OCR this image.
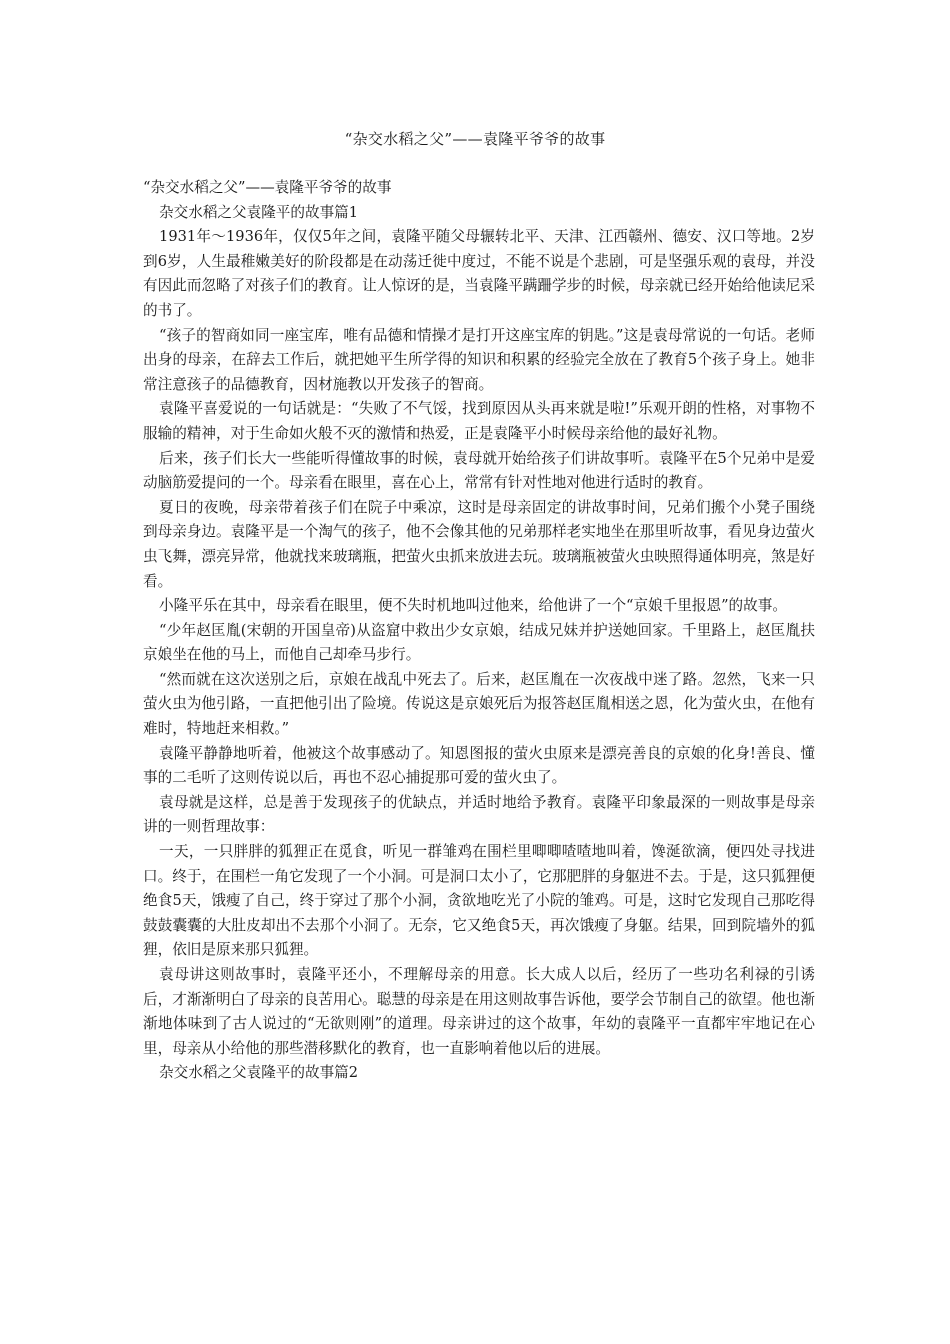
“杂交水稻之父”——袁隆平爷爷的故事

“杂交水稻之父”——袁隆平爷爷的故事

杂交水稻之父袁隆平的故事篇1

1931年～1936年，仅仅5年之间，袁隆平随父母辗转北平、天津、江西赣州、德安、汉口等地。2岁到6岁，人生最稚嫩美好的阶段都是在动荡迁徙中度过，不能不说是个悲剧，可是坚强乐观的袁母，并没有因此而忽略了对孩子们的教育。让人惊讶的是，当袁隆平蹒跚学步的时候，母亲就已经开始给他读尼采的书了。

“孩子的智商如同一座宝库，唯有品德和情操才是打开这座宝库的钥匙。”这是袁母常说的一句话。老师出身的母亲，在辞去工作后，就把她平生所学得的知识和积累的经验完全放在了教育5个孩子身上。她非常注意孩子的品德教育，因材施教以开发孩子的智商。

袁隆平喜爱说的一句话就是：“失败了不气馁，找到原因从头再来就是啦!”乐观开朗的性格，对事物不服输的精神，对于生命如火般不灭的激情和热爱，正是袁隆平小时候母亲给他的最好礼物。

后来，孩子们长大一些能听得懂故事的时候，袁母就开始给孩子们讲故事听。袁隆平在5个兄弟中是爱动脑筋爱提问的一个。母亲看在眼里，喜在心上，常常有针对性地对他进行适时的教育。

夏日的夜晚，母亲带着孩子们在院子中乘凉，这时是母亲固定的讲故事时间，兄弟们搬个小凳子围绕到母亲身边。袁隆平是一个淘气的孩子，他不会像其他的兄弟那样老实地坐在那里听故事，看见身边萤火虫飞舞，漂亮异常，他就找来玻璃瓶，把萤火虫抓来放进去玩。玻璃瓶被萤火虫映照得通体明亮，煞是好看。

小隆平乐在其中，母亲看在眼里，便不失时机地叫过他来，给他讲了一个“京娘千里报恩”的故事。

“少年赵匡胤(宋朝的开国皇帝)从盗窟中救出少女京娘，结成兄妹并护送她回家。千里路上，赵匡胤扶京娘坐在他的马上，而他自己却牵马步行。

“然而就在这次送别之后，京娘在战乱中死去了。后来，赵匡胤在一次夜战中迷了路。忽然，飞来一只萤火虫为他引路，一直把他引出了险境。传说这是京娘死后为报答赵匡胤相送之恩，化为萤火虫，在他有难时，特地赶来相救。”

袁隆平静静地听着，他被这个故事感动了。知恩图报的萤火虫原来是漂亮善良的京娘的化身!善良、懂事的二毛听了这则传说以后，再也不忍心捕捉那可爱的萤火虫了。

袁母就是这样，总是善于发现孩子的优缺点，并适时地给予教育。袁隆平印象最深的一则故事是母亲讲的一则哲理故事：

一天，一只胖胖的狐狸正在觅食，听见一群雏鸡在围栏里唧唧喳喳地叫着，馋涎欲滴，便四处寻找进口。终于，在围栏一角它发现了一个小洞。可是洞口太小了，它那肥胖的身躯进不去。于是，这只狐狸便绝食5天，饿瘦了自己，终于穿过了那个小洞，贪欲地吃光了小院的雏鸡。可是，这时它发现自己那吃得鼓鼓囊囊的大肚皮却出不去那个小洞了。无奈，它又绝食5天，再次饿瘦了身躯。结果，回到院墙外的狐狸，依旧是原来那只狐狸。

袁母讲这则故事时，袁隆平还小，不理解母亲的用意。长大成人以后，经历了一些功名利禄的引诱后，才渐渐明白了母亲的良苦用心。聪慧的母亲是在用这则故事告诉他，要学会节制自己的欲望。他也渐渐地体味到了古人说过的“无欲则刚”的道理。母亲讲过的这个故事，年幼的袁隆平一直都牢牢地记在心里，母亲从小给他的那些潜移默化的教育，也一直影响着他以后的进展。

杂交水稻之父袁隆平的故事篇2
